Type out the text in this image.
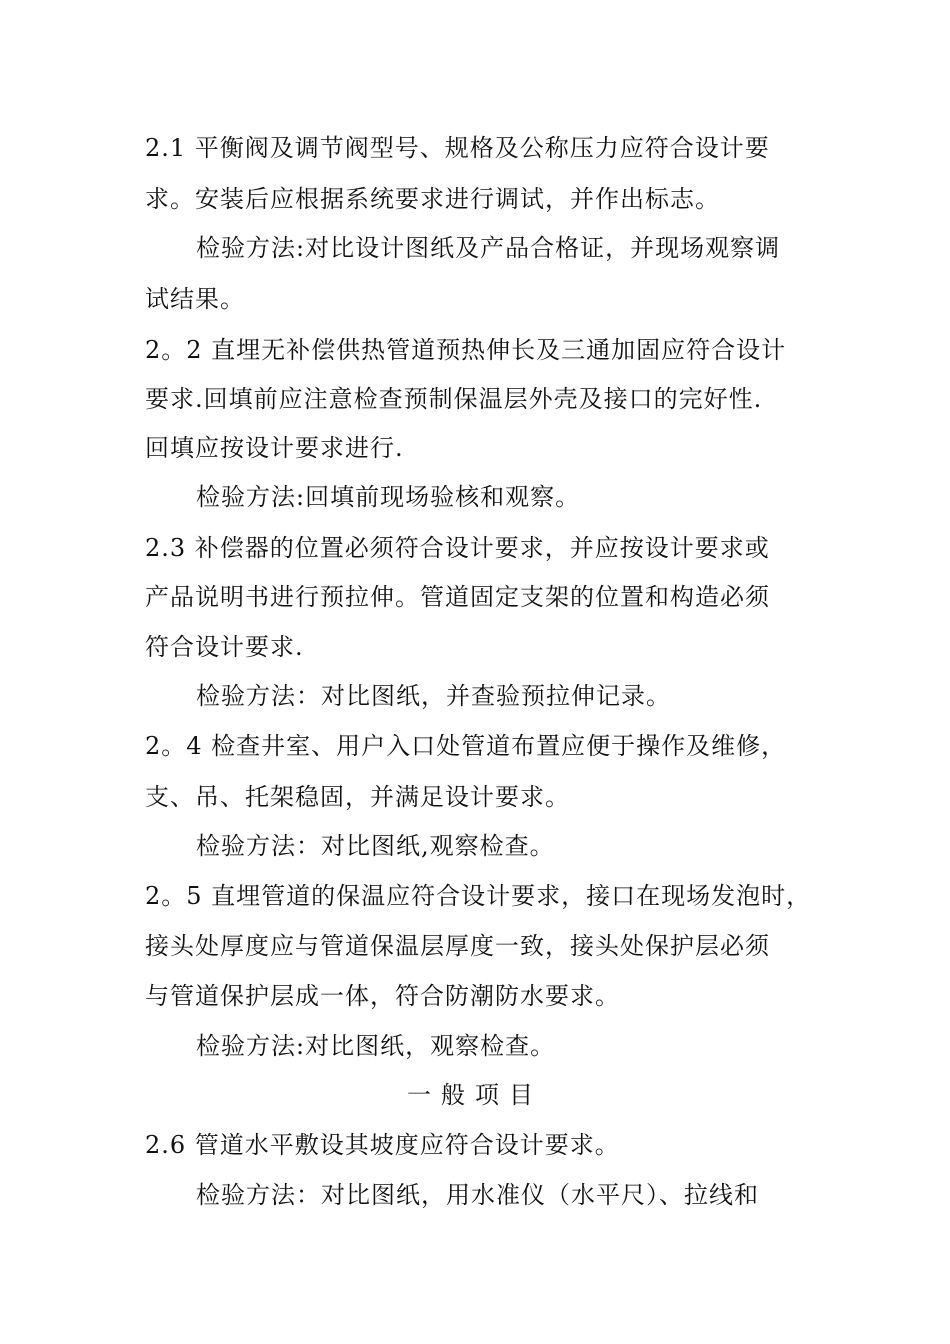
2.1 平衡阀及调节阀型号、规格及公称压力应符合设计要
求。安装后应根据系统要求进行调试，并作出标志。
检验方法:对比设计图纸及产品合格证，并现场观察调
试结果。
2。2 直埋无补偿供热管道预热伸长及三通加固应符合设计
要求.回填前应注意检查预制保温层外壳及接口的完好性.
回填应按设计要求进行.
检验方法:回填前现场验核和观察。
2.3 补偿器的位置必须符合设计要求，并应按设计要求或
产品说明书进行预拉伸。管道固定支架的位置和构造必须
符合设计要求.
检验方法：对比图纸，并查验预拉伸记录。
2。4 检查井室、用户入口处管道布置应便于操作及维修，
支、吊、托架稳固，并满足设计要求。
检验方法：对比图纸,观察检查。
2。5 直埋管道的保温应符合设计要求，接口在现场发泡时，
接头处厚度应与管道保温层厚度一致，接头处保护层必须
与管道保护层成一体，符合防潮防水要求。
检验方法:对比图纸，观察检查。
一般项目
2.6 管道水平敷设其坡度应符合设计要求。
检验方法：对比图纸，用水准仪（水平尺）、拉线和
